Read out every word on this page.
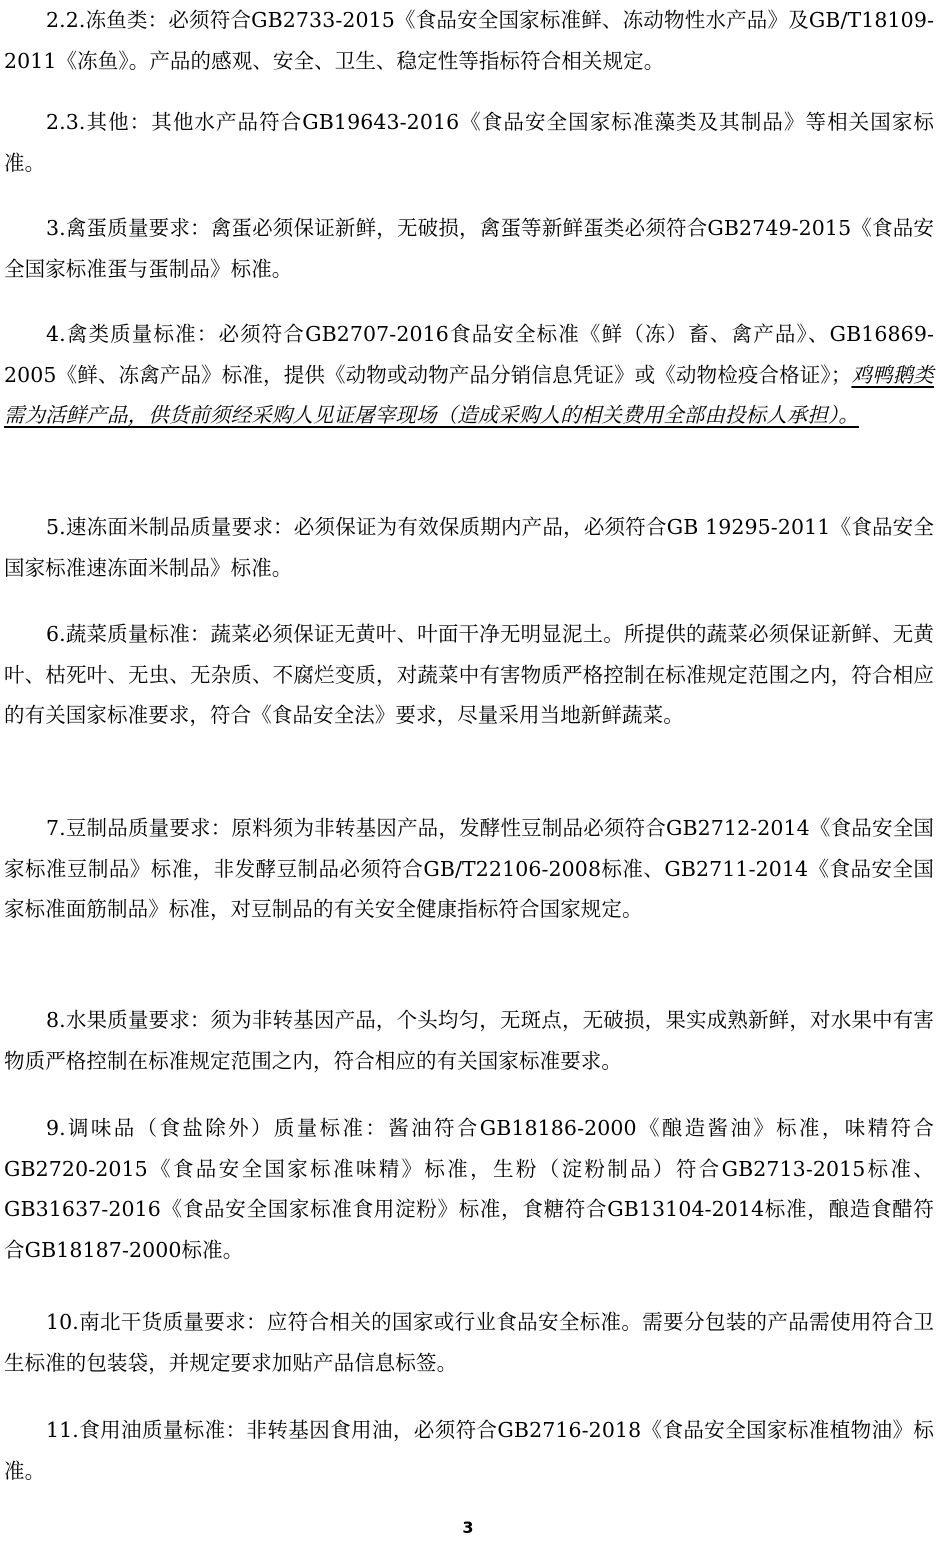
2.2.冻鱼类：必须符合GB2733-2015《食品安全国家标准鲜、冻动物性水产品》及GB/T18109-2011《冻鱼》。产品的感观、安全、卫生、稳定性等指标符合相关规定。

2.3.其他：其他水产品符合GB19643-2016《食品安全国家标准藻类及其制品》等相关国家标准。

3.禽蛋质量要求：禽蛋必须保证新鲜，无破损，禽蛋等新鲜蛋类必须符合GB2749-2015《食品安全国家标准蛋与蛋制品》标准。

4.禽类质量标准：必须符合GB2707-2016食品安全标准《鲜（冻）畜、禽产品》、GB16869-2005《鲜、冻禽产品》标准，提供《动物或动物产品分销信息凭证》或《动物检疫合格证》；鸡鸭鹅类需为活鲜产品，供货前须经采购人见证屠宰现场（造成采购人的相关费用全部由投标人承担）。

5.速冻面米制品质量要求：必须保证为有效保质期内产品，必须符合GB 19295-2011《食品安全国家标准速冻面米制品》标准。

6.蔬菜质量标准：蔬菜必须保证无黄叶、叶面干净无明显泥土。所提供的蔬菜必须保证新鲜、无黄叶、枯死叶、无虫、无杂质、不腐烂变质，对蔬菜中有害物质严格控制在标准规定范围之内，符合相应的有关国家标准要求，符合《食品安全法》要求，尽量采用当地新鲜蔬菜。

7.豆制品质量要求：原料须为非转基因产品，发酵性豆制品必须符合GB2712-2014《食品安全国家标准豆制品》标准，非发酵豆制品必须符合GB/T22106-2008标准、GB2711-2014《食品安全国家标准面筋制品》标准，对豆制品的有关安全健康指标符合国家规定。

8.水果质量要求：须为非转基因产品，个头均匀，无斑点，无破损，果实成熟新鲜，对水果中有害物质严格控制在标准规定范围之内，符合相应的有关国家标准要求。

9.调味品（食盐除外）质量标准：酱油符合GB18186-2000《酿造酱油》标准，味精符合GB2720-2015《食品安全国家标准味精》标准，生粉（淀粉制品）符合GB2713-2015标准、GB31637-2016《食品安全国家标准食用淀粉》标准，食糖符合GB13104-2014标准，酿造食醋符合GB18187-2000标准。

10.南北干货质量要求：应符合相关的国家或行业食品安全标准。需要分包装的产品需使用符合卫生标准的包装袋，并规定要求加贴产品信息标签。

11.食用油质量标准：非转基因食用油，必须符合GB2716-2018《食品安全国家标准植物油》标准。

3
